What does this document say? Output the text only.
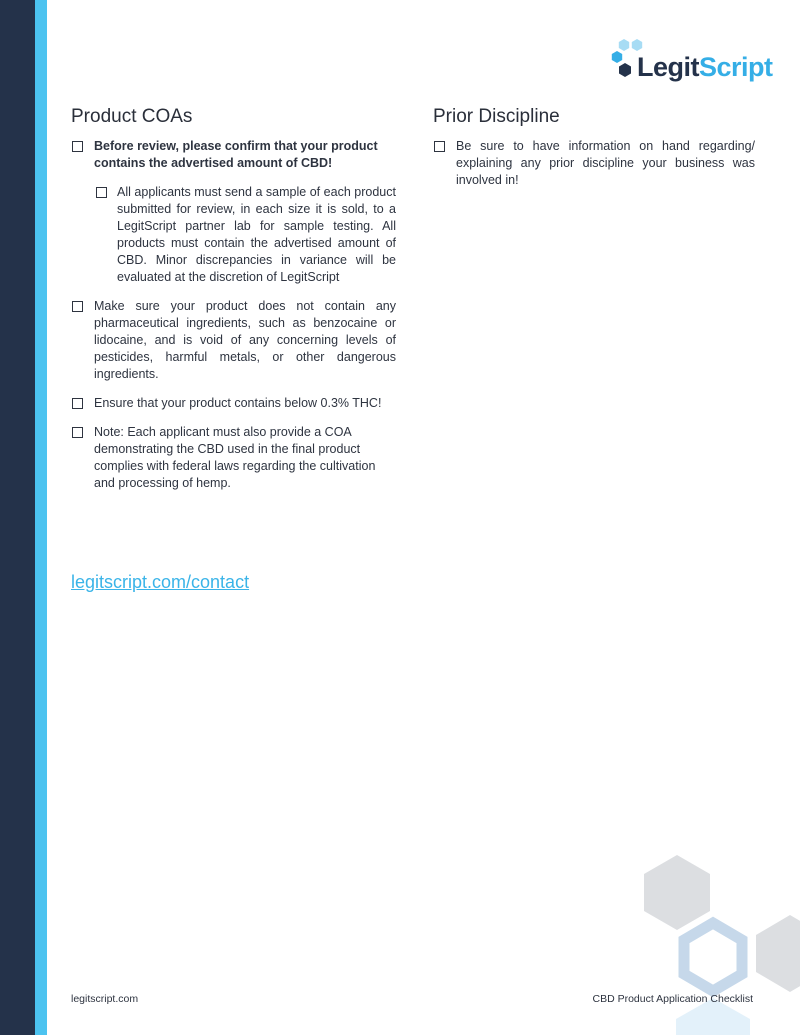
LegitScript
Product COAs
Before review, please confirm that your product contains the advertised amount of CBD!
All applicants must send a sample of each product submitted for review, in each size it is sold, to a LegitScript partner lab for sample testing. All products must contain the advertised amount of CBD. Minor discrepancies in variance will be evaluated at the discretion of LegitScript
Make sure your product does not contain any pharmaceutical ingredients, such as benzocaine or lidocaine, and is void of any concerning levels of pesticides, harmful metals, or other dangerous ingredients.
Ensure that your product contains below 0.3% THC!
Note: Each applicant must also provide a COA demonstrating the CBD used in the final product complies with federal laws regarding the cultivation and processing of hemp.
Prior Discipline
Be sure to have information on hand regarding/ explaining any prior discipline your business was involved in!
legitscript.com/contact
legitscript.com	CBD Product Application Checklist
